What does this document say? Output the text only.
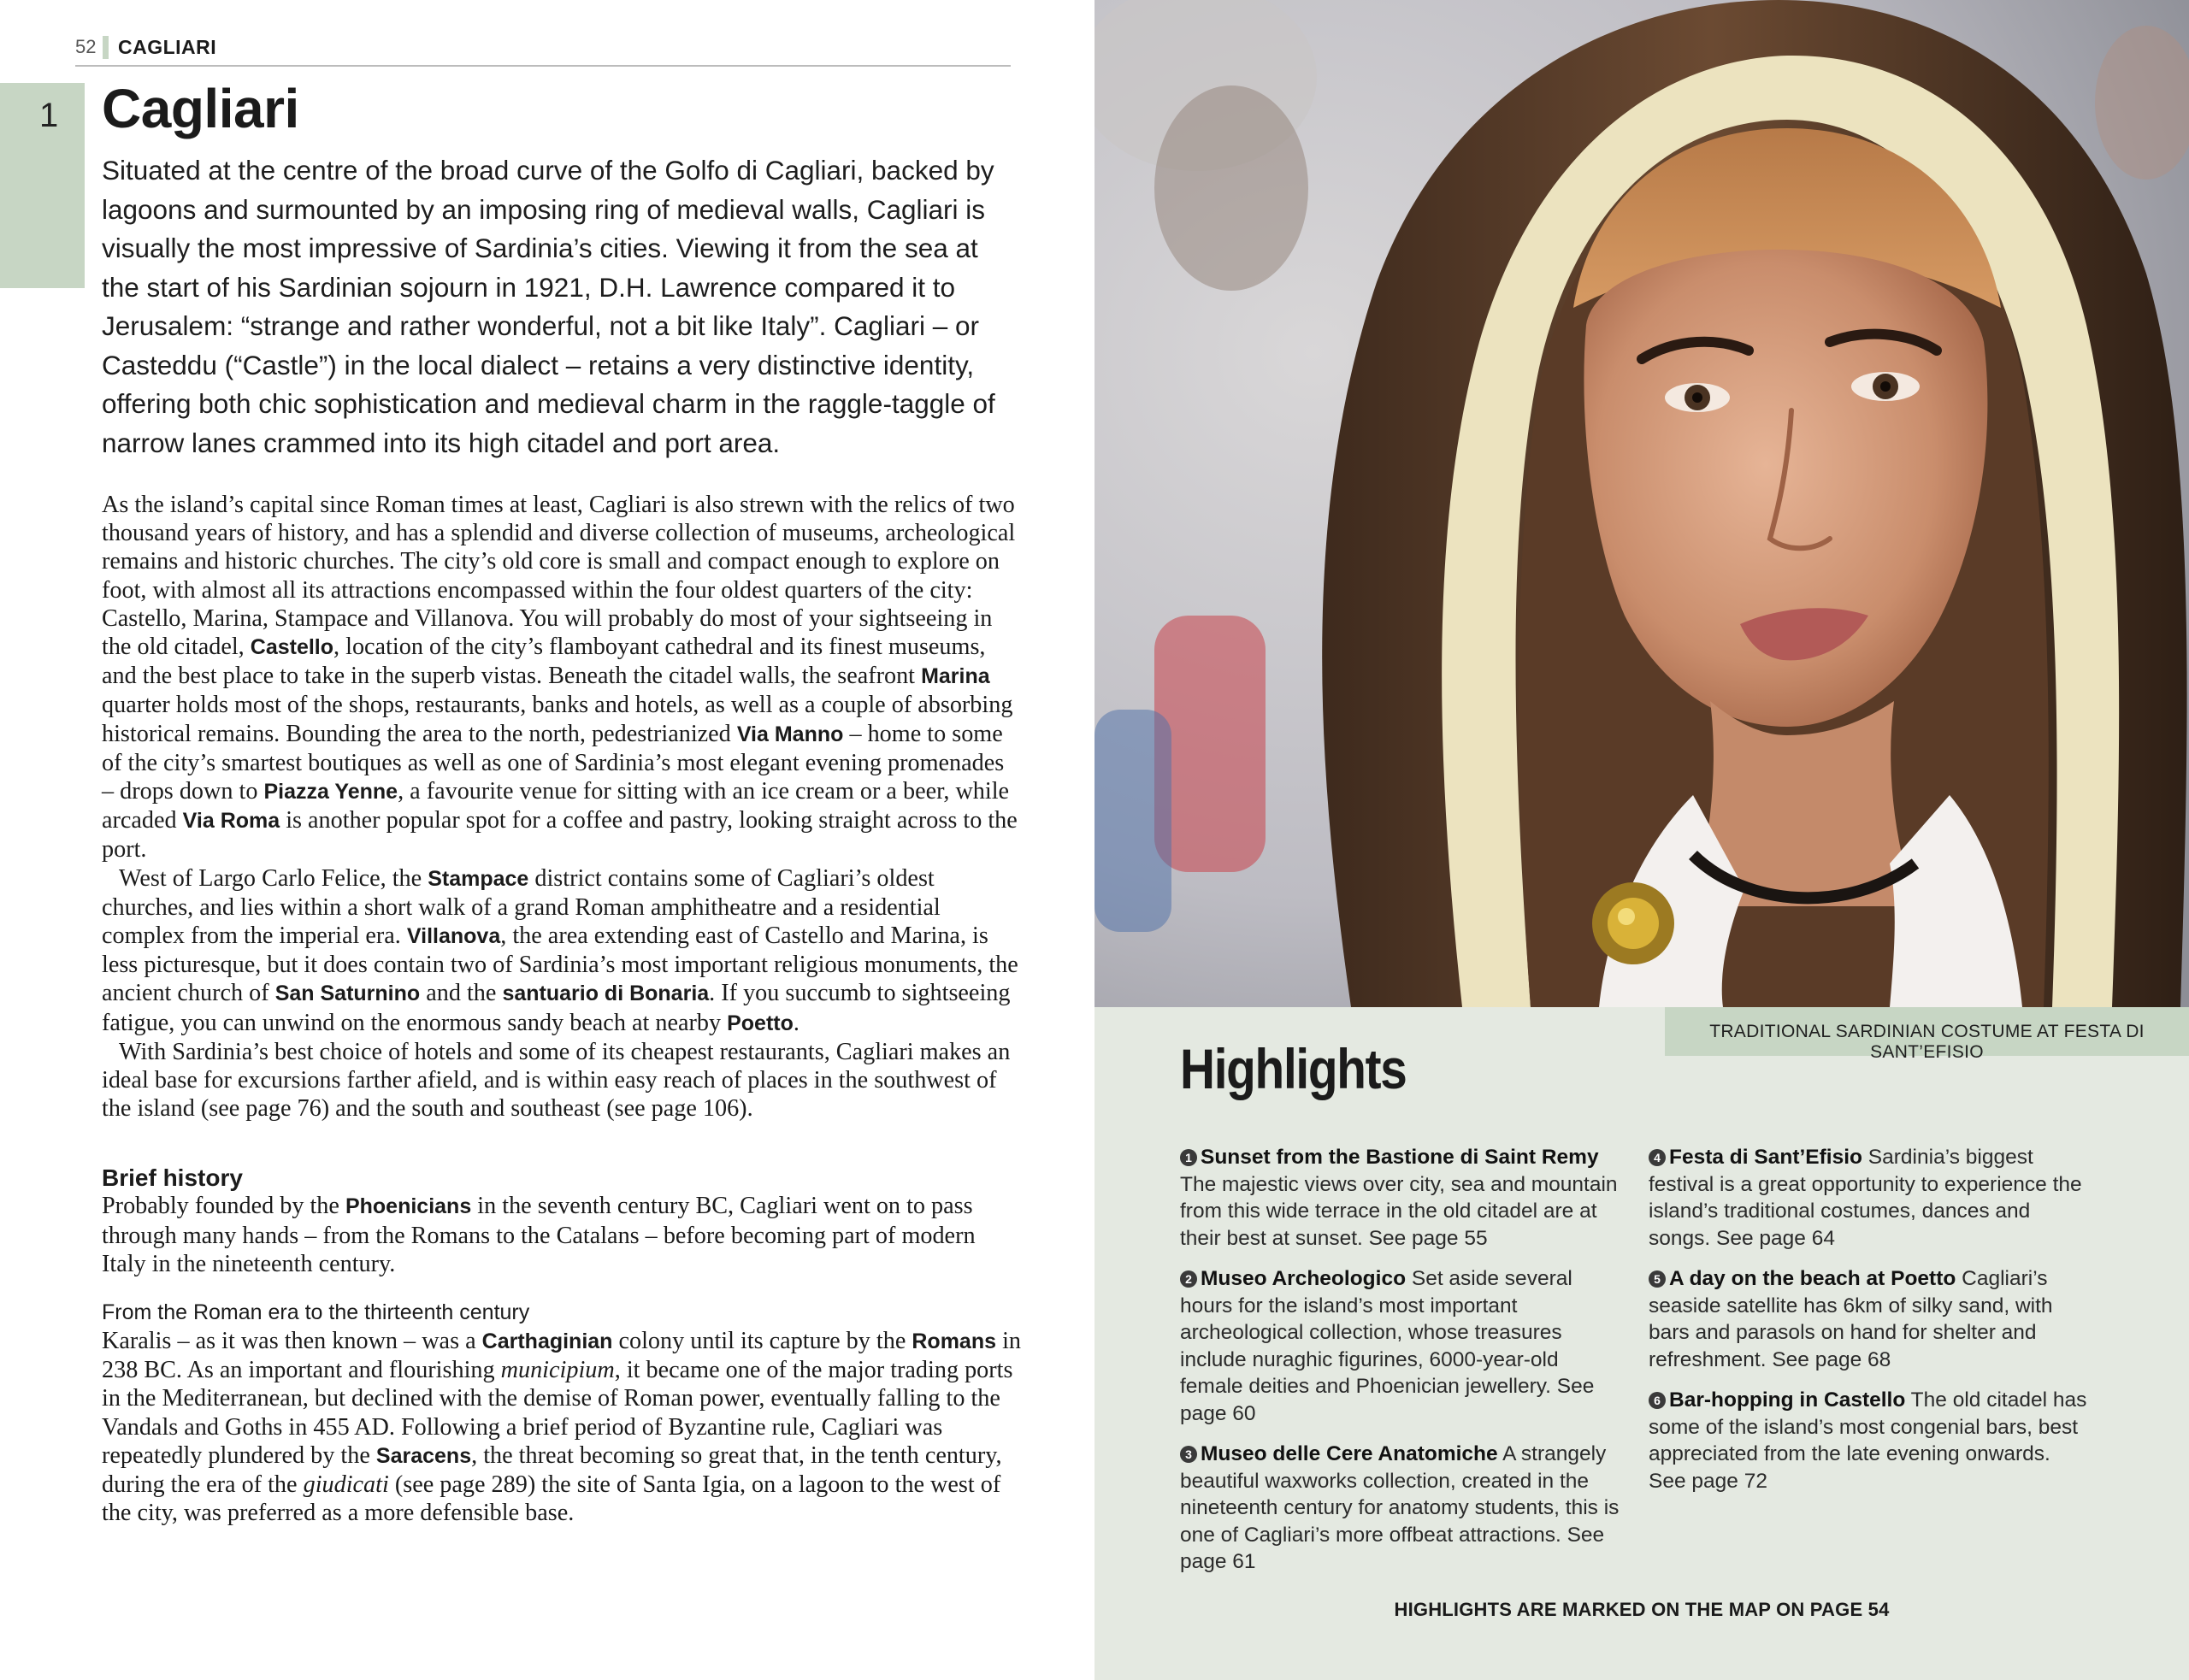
52 CAGLIARI
1 Cagliari

Situated at the centre of the broad curve of the Golfo di Cagliari, backed by lagoons and surmounted by an imposing ring of medieval walls, Cagliari is visually the most impressive of Sardinia’s cities. Viewing it from the sea at the start of his Sardinian sojourn in 1921, D.H. Lawrence compared it to Jerusalem: “strange and rather wonderful, not a bit like Italy”. Cagliari – or Casteddu (“Castle”) in the local dialect – retains a very distinctive identity, offering both chic sophistication and medieval charm in the raggle-taggle of narrow lanes crammed into its high citadel and port area.

As the island’s capital since Roman times at least, Cagliari is also strewn with the relics of two thousand years of history, and has a splendid and diverse collection of museums, archeological remains and historic churches. The city’s old core is small and compact enough to explore on foot, with almost all its attractions encompassed within the four oldest quarters of the city: Castello, Marina, Stampace and Villanova. You will probably do most of your sightseeing in the old citadel, Castello, location of the city’s flamboyant cathedral and its finest museums, and the best place to take in the superb vistas. Beneath the citadel walls, the seafront Marina quarter holds most of the shops, restaurants, banks and hotels, as well as a couple of absorbing historical remains. Bounding the area to the north, pedestrianized Via Manno – home to some of the city’s smartest boutiques as well as one of Sardinia’s most elegant evening promenades – drops down to Piazza Yenne, a favourite venue for sitting with an ice cream or a beer, while arcaded Via Roma is another popular spot for a coffee and pastry, looking straight across to the port.

West of Largo Carlo Felice, the Stampace district contains some of Cagliari’s oldest churches, and lies within a short walk of a grand Roman amphitheatre and a residential complex from the imperial era. Villanova, the area extending east of Castello and Marina, is less picturesque, but it does contain two of Sardinia’s most important religious monuments, the ancient church of San Saturnino and the santuario di Bonaria. If you succumb to sightseeing fatigue, you can unwind on the enormous sandy beach at nearby Poetto.

With Sardinia’s best choice of hotels and some of its cheapest restaurants, Cagliari makes an ideal base for excursions farther afield, and is within easy reach of places in the southwest of the island (see page 76) and the south and southeast (see page 106).

Brief history

Probably founded by the Phoenicians in the seventh century BC, Cagliari went on to pass through many hands – from the Romans to the Catalans – before becoming part of modern Italy in the nineteenth century.

From the Roman era to the thirteenth century

Karalis – as it was then known – was a Carthaginian colony until its capture by the Romans in 238 BC. As an important and flourishing municipium, it became one of the major trading ports in the Mediterranean, but declined with the demise of Roman power, eventually falling to the Vandals and Goths in 455 AD. Following a brief period of Byzantine rule, Cagliari was repeatedly plundered by the Saracens, the threat becoming so great that, in the tenth century, during the era of the giudicati (see page 289) the site of Santa Igia, on a lagoon to the west of the city, was preferred as a more defensible base.

TRADITIONAL SARDINIAN COSTUME AT FESTA DI SANT’EFISIO
Highlights

1 Sunset from the Bastione di Saint Remy The majestic views over city, sea and mountain from this wide terrace in the old citadel are at their best at sunset. See page 55

2 Museo Archeologico Set aside several hours for the island’s most important archeological collection, whose treasures include nuraghic figurines, 6000-year-old female deities and Phoenician jewellery. See page 60

3 Museo delle Cere Anatomiche A strangely beautiful waxworks collection, created in the nineteenth century for anatomy students, this is one of Cagliari’s more offbeat attractions. See page 61

4 Festa di Sant’Efisio Sardinia’s biggest festival is a great opportunity to experience the island’s traditional costumes, dances and songs. See page 64

5 A day on the beach at Poetto Cagliari’s seaside satellite has 6km of silky sand, with bars and parasols on hand for shelter and refreshment. See page 68

6 Bar-hopping in Castello The old citadel has some of the island’s most congenial bars, best appreciated from the late evening onwards. See page 72

HIGHLIGHTS ARE MARKED ON THE MAP ON PAGE 54
